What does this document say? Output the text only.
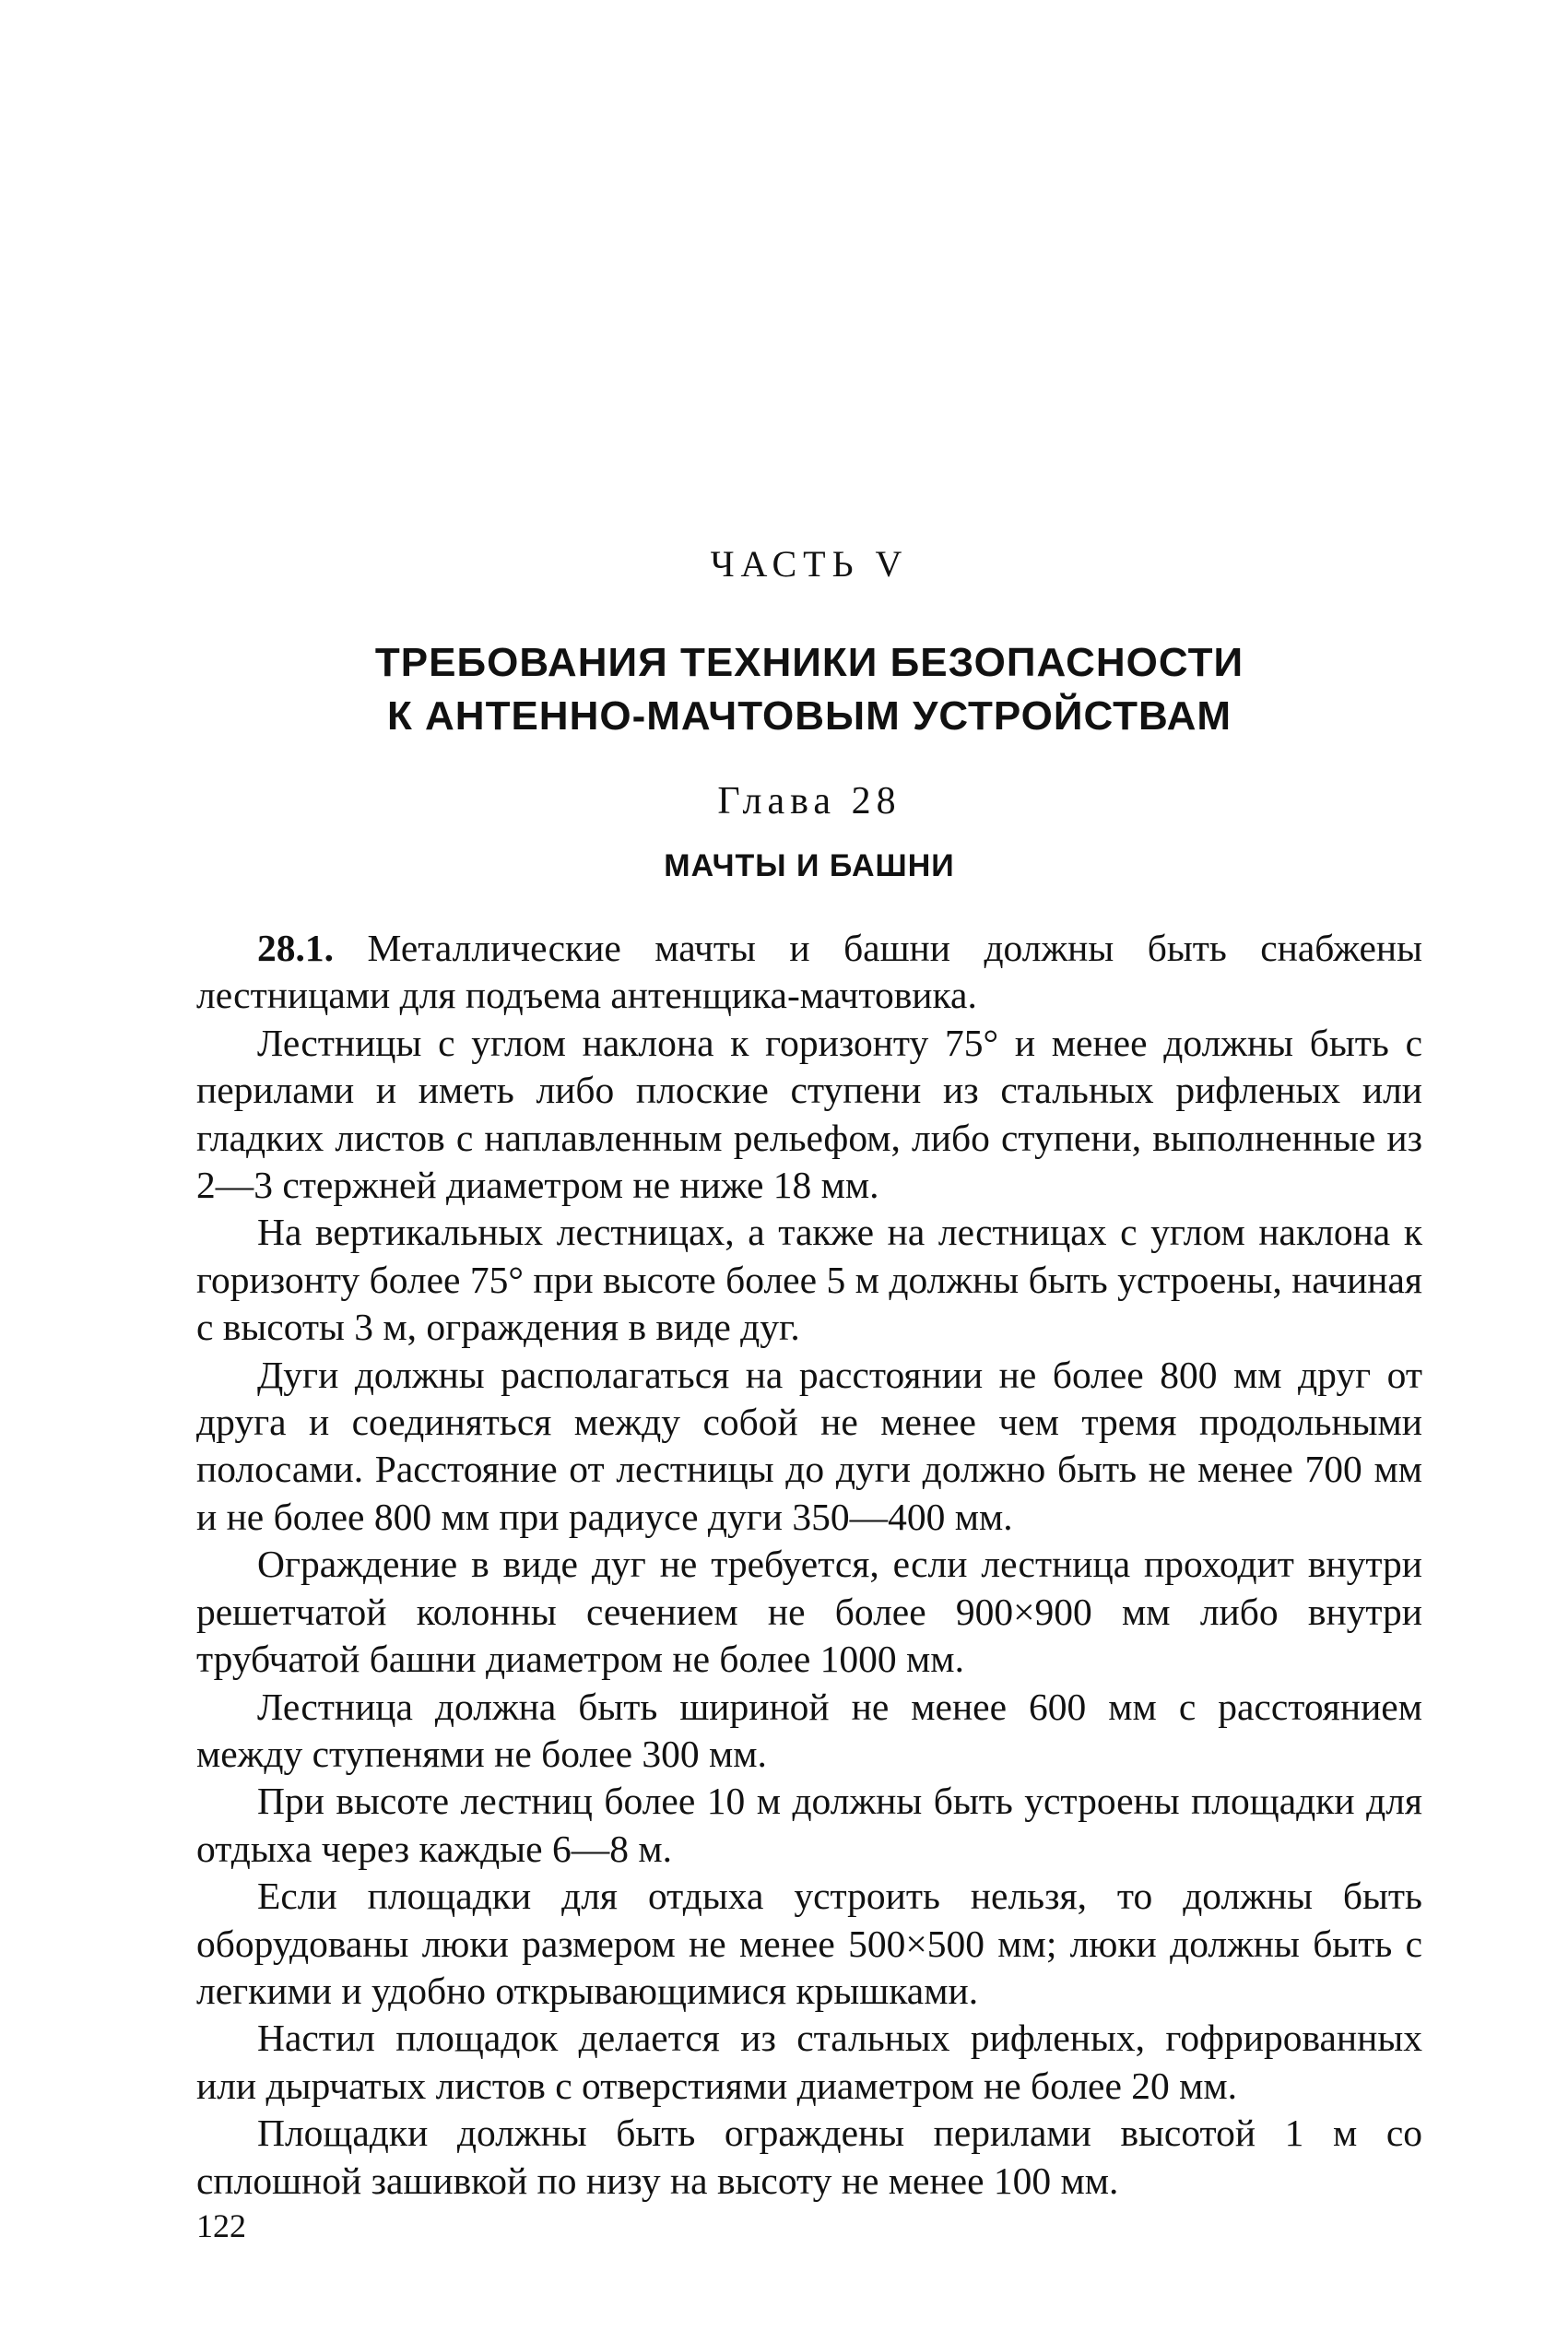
ЧАСТЬ V
ТРЕБОВАНИЯ ТЕХНИКИ БЕЗОПАСНОСТИ
К АНТЕННО-МАЧТОВЫМ УСТРОЙСТВАМ
Глава 28
МАЧТЫ И БАШНИ

28.1. Металлические мачты и башни должны быть снабжены лестницами для подъема антенщика-мачтовика.

Лестницы с углом наклона к горизонту 75° и менее должны быть с перилами и иметь либо плоские ступени из стальных рифленых или гладких листов с наплавленным рельефом, либо ступени, выполненные из 2—3 стержней диаметром не ниже 18 мм.

На вертикальных лестницах, а также на лестницах с углом наклона к горизонту более 75° при высоте более 5 м должны быть устроены, начиная с высоты 3 м, ограждения в виде дуг.

Дуги должны располагаться на расстоянии не более 800 мм друг от друга и соединяться между собой не менее чем тремя продольными полосами. Расстояние от лестницы до дуги должно быть не менее 700 мм и не более 800 мм при радиусе дуги 350—400 мм.

Ограждение в виде дуг не требуется, если лестница проходит внутри решетчатой колонны сечением не более 900×900 мм либо внутри трубчатой башни диаметром не более 1000 мм.

Лестница должна быть шириной не менее 600 мм с расстоянием между ступенями не более 300 мм.

При высоте лестниц более 10 м должны быть устроены площадки для отдыха через каждые 6—8 м.

Если площадки для отдыха устроить нельзя, то должны быть оборудованы люки размером не менее 500×500 мм; люки должны быть с легкими и удобно открывающимися крышками.

Настил площадок делается из стальных рифленых, гофрированных или дырчатых листов с отверстиями диаметром не более 20 мм.

Площадки должны быть ограждены перилами высотой 1 м со сплошной зашивкой по низу на высоту не менее 100 мм.

122
